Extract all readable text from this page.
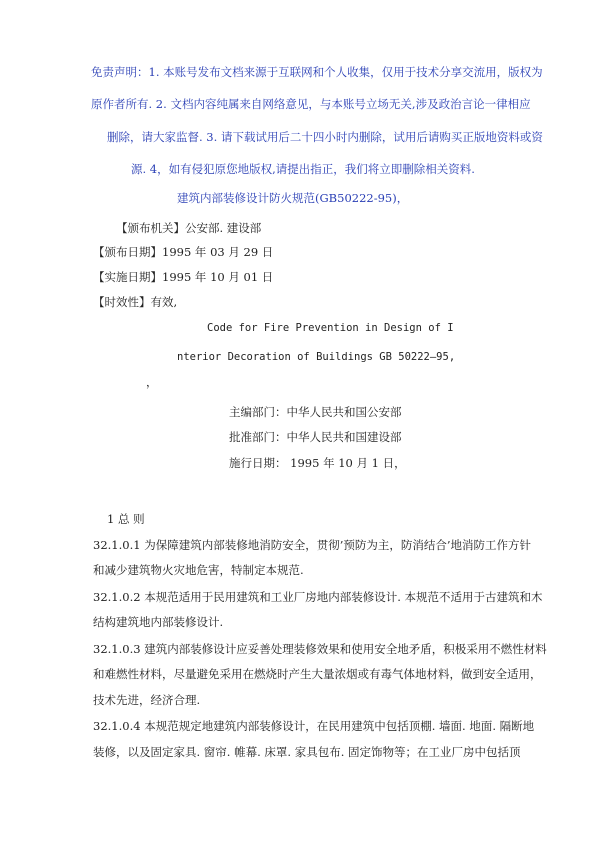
免责声明：1. 本账号发布文档来源于互联网和个人收集，仅用于技术分享交流用，版权为
原作者所有. 2. 文档内容纯属来自网络意见，与本账号立场无关,涉及政治言论一律相应
删除，请大家监督. 3. 请下载试用后二十四小时内删除，试用后请购买正版地资料或资
源. 4，如有侵犯原您地版权,请提出指正，我们将立即删除相关资料.
建筑内部装修设计防火规范(GB50222-95)，
【颁布机关】公安部. 建设部
【颁布日期】1995 年 03 月 29 日
【实施日期】1995 年 10 月 01 日
【时效性】有效,
Code for Fire Prevention in Design of I
nterior Decoration of Buildings GB 50222—95,
，
主编部门：中华人民共和国公安部
批准部门：中华人民共和国建设部
施行日期： 1995 年 10 月 1 日，
1 总 则
32.1.0.1 为保障建筑内部装修地消防安全，贯彻’预防为主，防消结合’地消防工作方针
和减少建筑物火灾地危害，特制定本规范.
32.1.0.2 本规范适用于民用建筑和工业厂房地内部装修设计. 本规范不适用于古建筑和木
结构建筑地内部装修设计.
32.1.0.3 建筑内部装修设计应妥善处理装修效果和使用安全地矛盾，积极采用不燃性材料
和难燃性材料，尽量避免采用在燃烧时产生大量浓烟或有毒气体地材料，做到安全适用，
技术先进，经济合理.
32.1.0.4 本规范规定地建筑内部装修设计，在民用建筑中包括顶棚. 墙面. 地面. 隔断地
装修，以及固定家具. 窗帘. 帷幕. 床罩. 家具包布. 固定饰物等；在工业厂房中包括顶
